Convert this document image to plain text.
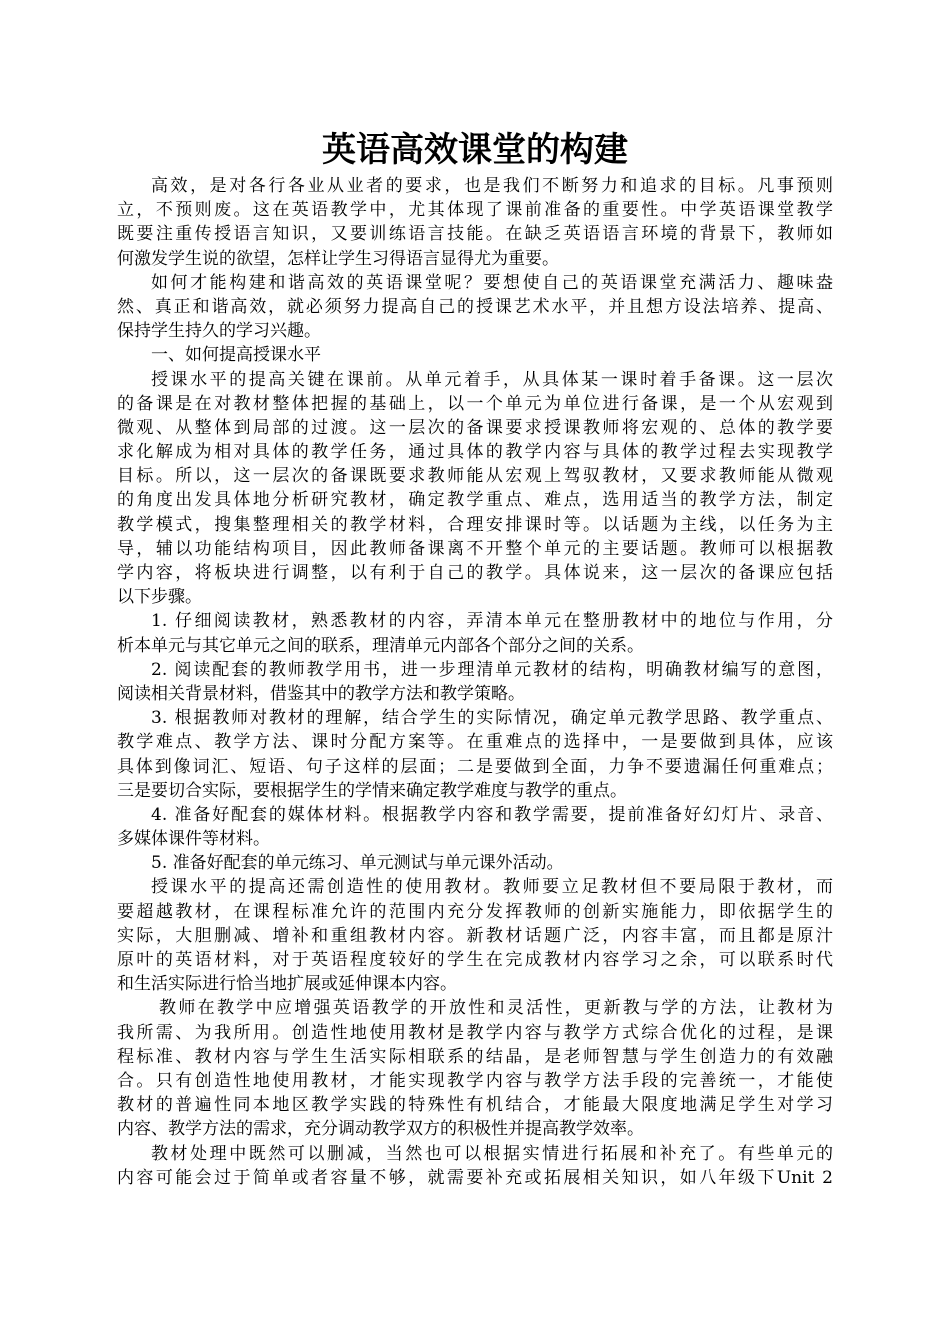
英语高效课堂的构建
高效，是对各行各业从业者的要求，也是我们不断努力和追求的目标。凡事预则
立，不预则废。这在英语教学中，尤其体现了课前准备的重要性。中学英语课堂教学
既要注重传授语言知识，又要训练语言技能。在缺乏英语语言环境的背景下，教师如
何激发学生说的欲望，怎样让学生习得语言显得尤为重要。
如何才能构建和谐高效的英语课堂呢？要想使自己的英语课堂充满活力、趣味盎
然、真正和谐高效，就必须努力提高自己的授课艺术水平，并且想方设法培养、提高、
保持学生持久的学习兴趣。
一、如何提高授课水平
授课水平的提高关键在课前。从单元着手，从具体某一课时着手备课。这一层次
的备课是在对教材整体把握的基础上，以一个单元为单位进行备课，是一个从宏观到
微观、从整体到局部的过渡。这一层次的备课要求授课教师将宏观的、总体的教学要
求化解成为相对具体的教学任务，通过具体的教学内容与具体的教学过程去实现教学
目标。所以，这一层次的备课既要求教师能从宏观上驾驭教材，又要求教师能从微观
的角度出发具体地分析研究教材，确定教学重点、难点，选用适当的教学方法，制定
教学模式，搜集整理相关的教学材料，合理安排课时等。以话题为主线，以任务为主
导，辅以功能结构项目，因此教师备课离不开整个单元的主要话题。教师可以根据教
学内容，将板块进行调整，以有利于自己的教学。具体说来，这一层次的备课应包括
以下步骤。
1. 仔细阅读教材，熟悉教材的内容，弄清本单元在整册教材中的地位与作用，分
析本单元与其它单元之间的联系，理清单元内部各个部分之间的关系。
2. 阅读配套的教师教学用书，进一步理清单元教材的结构，明确教材编写的意图，
阅读相关背景材料，借鉴其中的教学方法和教学策略。
3. 根据教师对教材的理解，结合学生的实际情况，确定单元教学思路、教学重点、
教学难点、教学方法、课时分配方案等。在重难点的选择中，一是要做到具体，应该
具体到像词汇、短语、句子这样的层面；二是要做到全面，力争不要遗漏任何重难点；
三是要切合实际，要根据学生的学情来确定教学难度与教学的重点。
4. 准备好配套的媒体材料。根据教学内容和教学需要，提前准备好幻灯片、录音、
多媒体课件等材料。
5. 准备好配套的单元练习、单元测试与单元课外活动。
授课水平的提高还需创造性的使用教材。教师要立足教材但不要局限于教材，而
要超越教材，在课程标准允许的范围内充分发挥教师的创新实施能力，即依据学生的
实际，大胆删减、增补和重组教材内容。新教材话题广泛，内容丰富，而且都是原汁
原叶的英语材料，对于英语程度较好的学生在完成教材内容学习之余，可以联系时代
和生活实际进行恰当地扩展或延伸课本内容。
教师在教学中应增强英语教学的开放性和灵活性，更新教与学的方法，让教材为
我所需、为我所用。创造性地使用教材是教学内容与教学方式综合优化的过程，是课
程标准、教材内容与学生生活实际相联系的结晶，是老师智慧与学生创造力的有效融
合。只有创造性地使用教材，才能实现教学内容与教学方法手段的完善统一，才能使
教材的普遍性同本地区教学实践的特殊性有机结合，才能最大限度地满足学生对学习
内容、教学方法的需求，充分调动教学双方的积极性并提高教学效率。
教材处理中既然可以删减，当然也可以根据实情进行拓展和补充了。有些单元的
内容可能会过于简单或者容量不够，就需要补充或拓展相关知识，如八年级下Unit 2
